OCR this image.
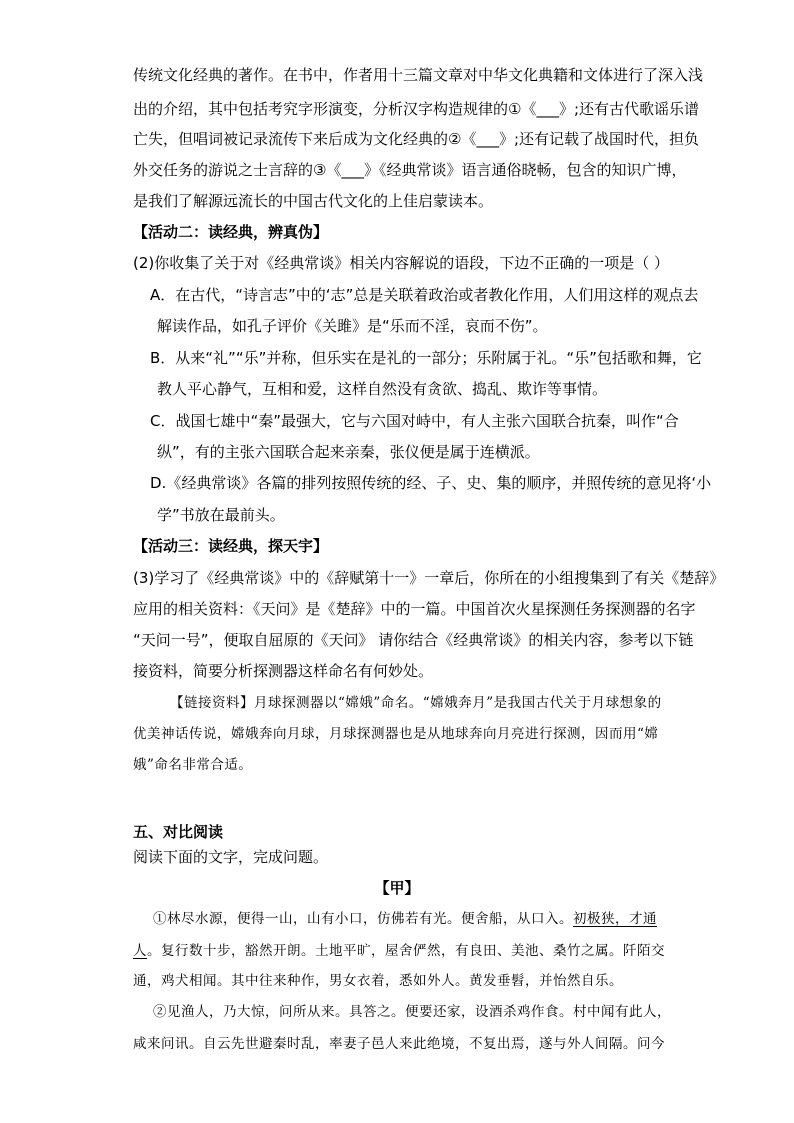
传统文化经典的著作。在书中，作者用十三篇文章对中华文化典籍和文体进行了深入浅
出的介绍，其中包括考究字形演变，分析汉字构造规律的①《___》;还有古代歌谣乐谱
亡失，但唱词被记录流传下来后成为文化经典的②《___》;还有记载了战国时代，担负
外交任务的游说之士言辞的③《___》《经典常谈》语言通俗晓畅，包含的知识广博，
是我们了解源远流长的中国古代文化的上佳启蒙读本。
【活动二：读经典，辨真伪】
(2)你收集了关于对《经典常谈》相关内容解说的语段，下边不正确的一项是（ ）
A．在古代，“诗言志”中的‘志”总是关联着政治或者教化作用，人们用这样的观点去
解读作品，如孔子评价《关雎》是“乐而不淫，哀而不伤”。
B．从来“礼”“乐”并称，但乐实在是礼的一部分；乐附属于礼。“乐”包括歌和舞，它
教人平心静气，互相和爱，这样自然没有贪欲、捣乱、欺诈等事情。
C．战国七雄中“秦”最强大，它与六国对峙中，有人主张六国联合抗秦，叫作“合
纵”，有的主张六国联合起来亲秦，张仪便是属于连横派。
D.《经典常谈》各篇的排列按照传统的经、子、史、集的顺序，并照传统的意见将‘小
学”书放在最前头。
【活动三：读经典，探天宇】
(3)学习了《经典常谈》中的《辞赋第十一》一章后，你所在的小组搜集到了有关《楚辞》
应用的相关资料：《天问》是《楚辞》中的一篇。中国首次火星探测任务探测器的名字
“天问一号”，便取自屈原的《天问》 请你结合《经典常谈》的相关内容，参考以下链
接资料，简要分析探测器这样命名有何妙处。
【链接资料】月球探测器以“嫦娥”命名。“嫦娥奔月”是我国古代关于月球想象的
优美神话传说，嫦娥奔向月球，月球探测器也是从地球奔向月亮进行探测，因而用“嫦
娥”命名非常合适。
五、对比阅读
阅读下面的文字，完成问题。
【甲】
①林尽水源，便得一山，山有小口，仿佛若有光。便舍船，从口入。初极狭，才通
人。复行数十步，豁然开朗。土地平旷，屋舍俨然，有良田、美池、桑竹之属。阡陌交
通，鸡犬相闻。其中往来种作，男女衣着，悉如外人。黄发垂髫，并怡然自乐。
②见渔人，乃大惊，问所从来。具答之。便要还家，设酒杀鸡作食。村中闻有此人，
咸来问讯。自云先世避秦时乱，率妻子邑人来此绝境，不复出焉，遂与外人间隔。问今
